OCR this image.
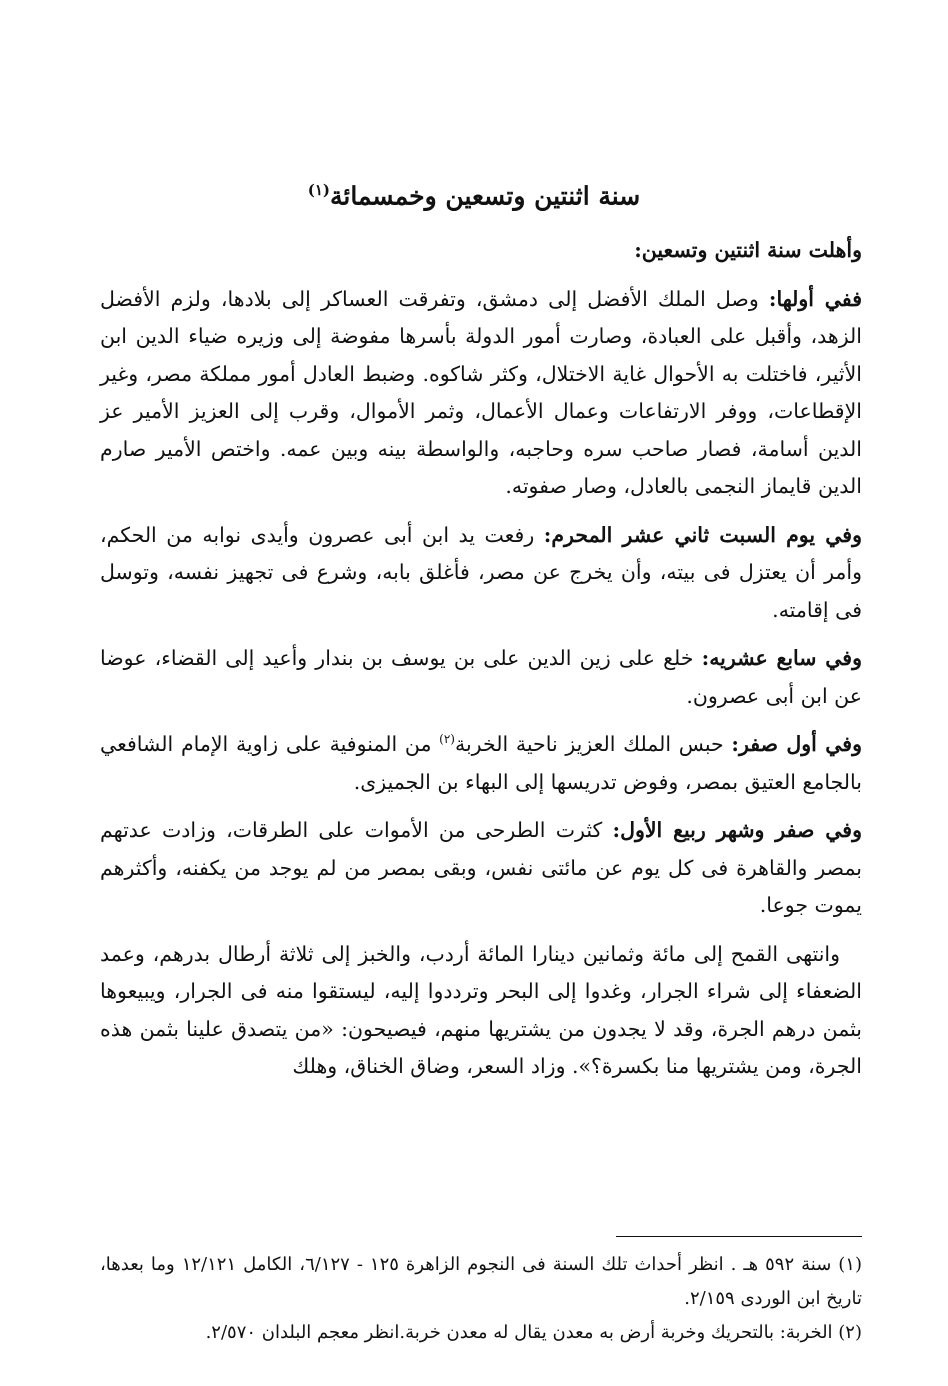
سنة اثنتين وتسعين وخمسمائة$^{(١)}$

وأهلت سنة اثنتين وتسعين:

ففي أولها: وصل الملك الأفضل إلى دمشق، وتفرقت العساكر إلى بلادها، ولزم الأفضل الزهد، وأقبل على العبادة، وصارت أمور الدولة بأسرها مفوضة إلى وزيره ضياء الدين ابن الأثير، فاختلت به الأحوال غاية الاختلال، وكثر شاكوه. وضبط العادل أمور مملكة مصر، وغير الإقطاعات، ووفر الارتفاعات وعمال الأعمال، وثمر الأموال، وقرب إلى العزيز الأمير عز الدين أسامة، فصار صاحب سره وحاجبه، والواسطة بينه وبين عمه. واختص الأمير صارم الدين قايماز النجمى بالعادل، وصار صفوته.

وفي يوم السبت ثاني عشر المحرم: رفعت يد ابن أبى عصرون وأيدى نوابه من الحكم، وأمر أن يعتزل فى بيته، وأن يخرج عن مصر، فأغلق بابه، وشرع فى تجهيز نفسه، وتوسل فى إقامته.

وفي سابع عشريه: خلع على زين الدين على بن يوسف بن بندار وأعيد إلى القضاء، عوضا عن ابن أبى عصرون.

وفي أول صفر: حبس الملك العزيز ناحية الخربة$^{(٢)}$ من المنوفية على زاوية الإمام الشافعي بالجامع العتيق بمصر، وفوض تدريسها إلى البهاء بن الجميزى.

وفي صفر وشهر ربيع الأول: كثرت الطرحى من الأموات على الطرقات، وزادت عدتهم بمصر والقاهرة فى كل يوم عن مائتى نفس، وبقى بمصر من لم يوجد من يكفنه، وأكثرهم يموت جوعا.

وانتهى القمح إلى مائة وثمانين دينارا المائة أردب، والخبز إلى ثلاثة أرطال بدرهم، وعمد الضعفاء إلى شراء الجرار، وغدوا إلى البحر وترددوا إليه، ليستقوا منه فى الجرار، ويبيعوها بثمن درهم الجرة، وقد لا يجدون من يشتريها منهم، فيصيحون: «من يتصدق علينا بثمن هذه الجرة، ومن يشتريها منا بكسرة؟». وزاد السعر، وضاق الخناق، وهلك

(١) سنة ٥٩٢ هـ . انظر أحداث تلك السنة فى النجوم الزاهرة ١٢٥ - ٦/١٢٧، الكامل ١٢/١٢١ وما بعدها، تاريخ ابن الوردى ٢/١٥٩.

(٢) الخربة: بالتحريك وخربة أرض به معدن يقال له معدن خربة.انظر معجم البلدان ٢/٥٧٠.
